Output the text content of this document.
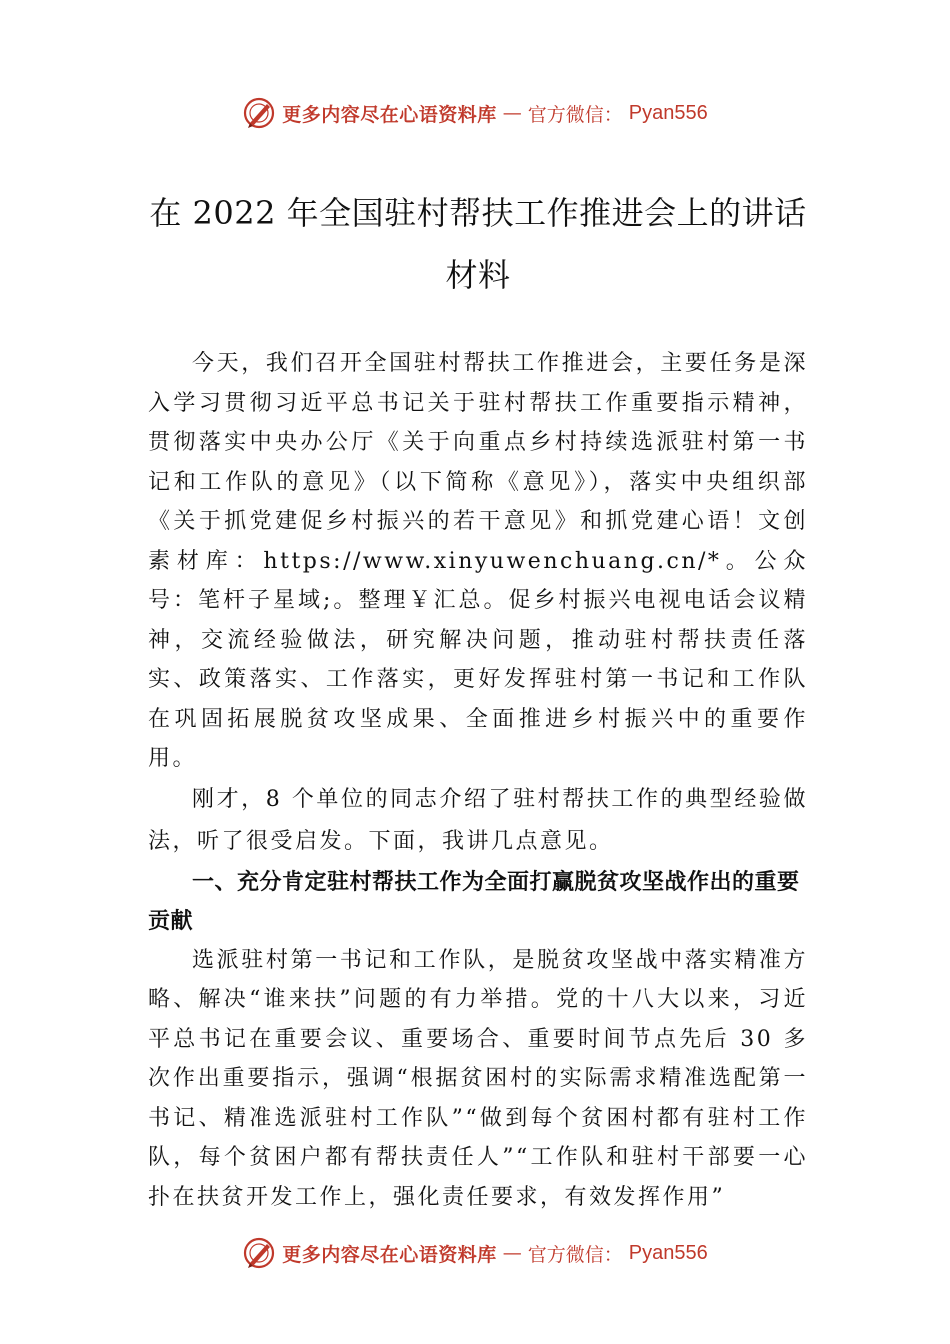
更多内容尽在心语资料库 — 官方微信： Pyan556
在 2022 年全国驻村帮扶工作推进会上的讲话材料

今天，我们召开全国驻村帮扶工作推进会，主要任务是深入学习贯彻习近平总书记关于驻村帮扶工作重要指示精神，贯彻落实中央办公厅《关于向重点乡村持续选派驻村第一书记和工作队的意见》（以下简称《意见》），落实中央组织部《关于抓党建促乡村振兴的若干意见》和抓党建心语！文创素材库：https://www.xinyuwenchuang.cn/*。公众号：笔杆子星域;。整理￥汇总。促乡村振兴电视电话会议精神，交流经验做法，研究解决问题，推动驻村帮扶责任落实、政策落实、工作落实，更好发挥驻村第一书记和工作队在巩固拓展脱贫攻坚成果、全面推进乡村振兴中的重要作用。

刚才，8 个单位的同志介绍了驻村帮扶工作的典型经验做法，听了很受启发。下面，我讲几点意见。

一、充分肯定驻村帮扶工作为全面打赢脱贫攻坚战作出的重要贡献

选派驻村第一书记和工作队，是脱贫攻坚战中落实精准方略、解决“谁来扶”问题的有力举措。党的十八大以来，习近平总书记在重要会议、重要场合、重要时间节点先后 30 多次作出重要指示，强调“根据贫困村的实际需求精准选配第一书记、精准选派驻村工作队”“做到每个贫困村都有驻村工作队，每个贫困户都有帮扶责任人”“工作队和驻村干部要一心扑在扶贫开发工作上，强化责任要求，有效发挥作用”

更多内容尽在心语资料库 — 官方微信： Pyan556
